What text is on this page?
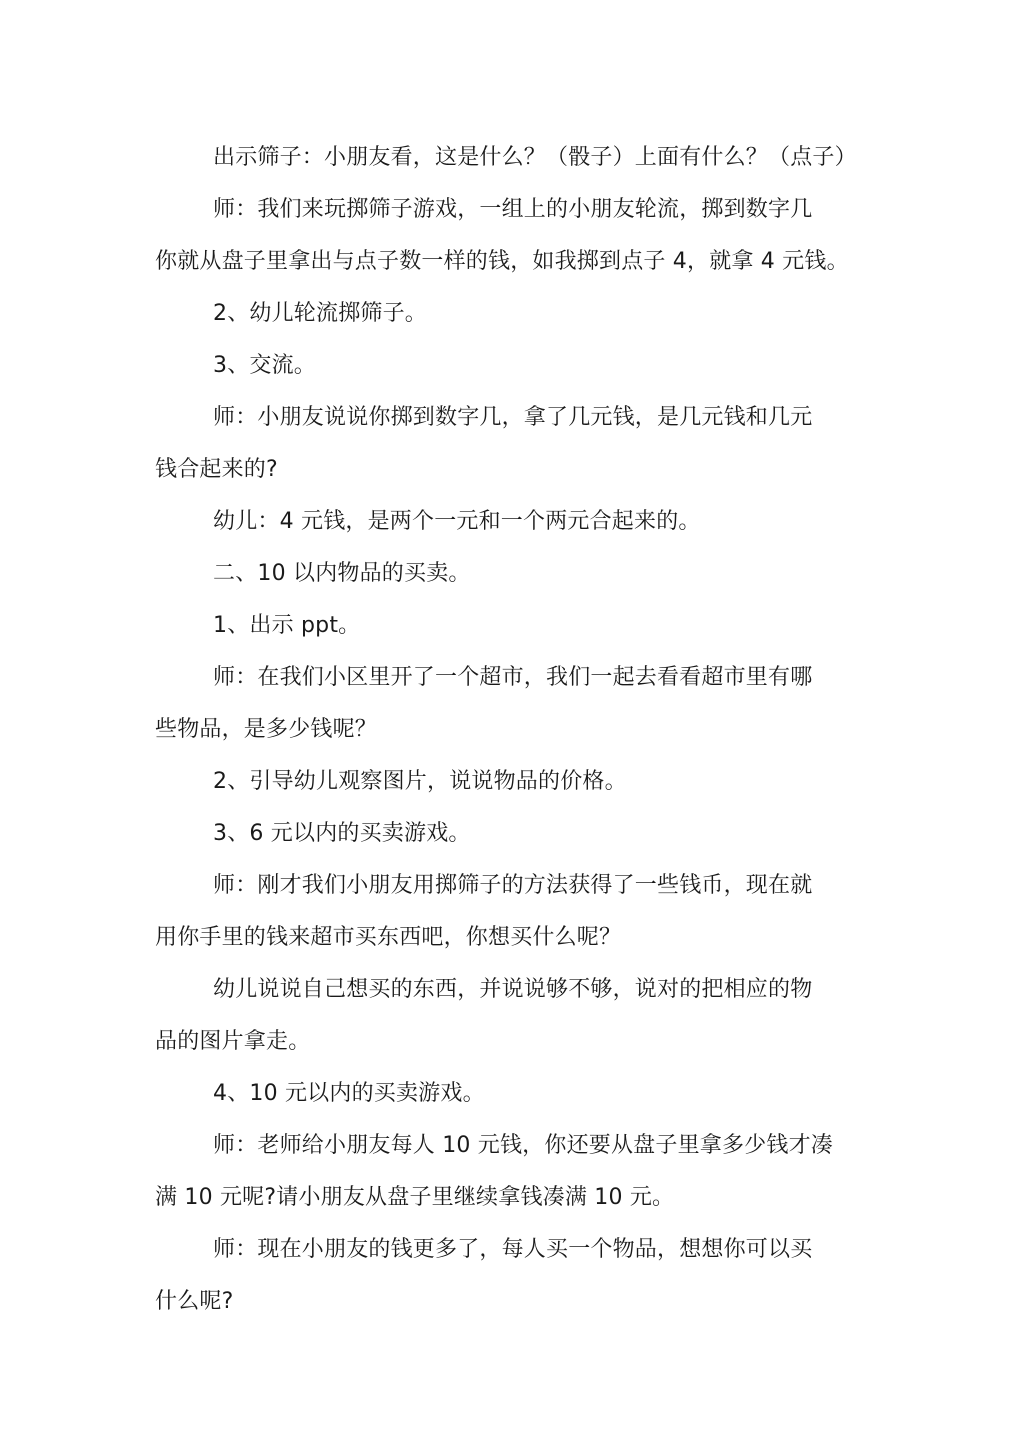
出示筛子：小朋友看，这是什么？（骰子）上面有什么？（点子）
师：我们来玩掷筛子游戏，一组上的小朋友轮流，掷到数字几
你就从盘子里拿出与点子数一样的钱，如我掷到点子 4，就拿 4 元钱。
2、幼儿轮流掷筛子。
3、交流。
师：小朋友说说你掷到数字几，拿了几元钱，是几元钱和几元
钱合起来的?
幼儿：4 元钱，是两个一元和一个两元合起来的。
二、10 以内物品的买卖。
1、出示 ppt。
师：在我们小区里开了一个超市，我们一起去看看超市里有哪
些物品，是多少钱呢？
2、引导幼儿观察图片，说说物品的价格。
3、6 元以内的买卖游戏。
师：刚才我们小朋友用掷筛子的方法获得了一些钱币，现在就
用你手里的钱来超市买东西吧，你想买什么呢？
幼儿说说自己想买的东西，并说说够不够，说对的把相应的物
品的图片拿走。
4、10 元以内的买卖游戏。
师：老师给小朋友每人 10 元钱，你还要从盘子里拿多少钱才凑
满 10 元呢?请小朋友从盘子里继续拿钱凑满 10 元。
师：现在小朋友的钱更多了，每人买一个物品，想想你可以买
什么呢?
